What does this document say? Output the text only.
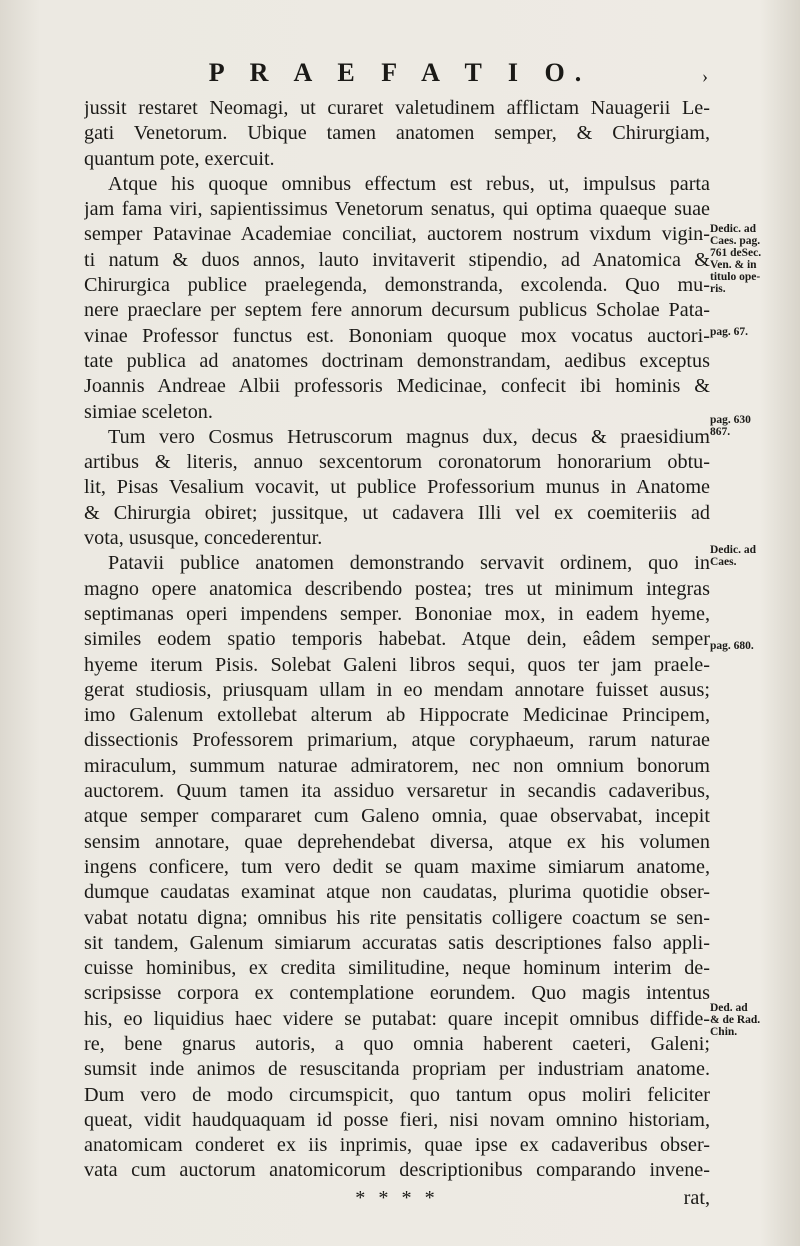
P R A E F A T I O.	›
jussit restaret Neomagi, ut curaret valetudinem afflictam Nauagerii Le-
gati Venetorum. Ubique tamen anatomen semper, & Chirurgiam,
quantum pote, exercuit.
Atque his quoque omnibus effectum est rebus, ut, impulsus parta
jam fama viri, sapientissimus Venetorum senatus, qui optima quaeque suae
semper Patavinae Academiae conciliat, auctorem nostrum vixdum vigin-
ti natum & duos annos, lauto invitaverit stipendio, ad Anatomica &
Chirurgica publice praelegenda, demonstranda, excolenda. Quo mu-
nere praeclare per septem fere annorum decursum publicus Scholae Pata-
vinae Professor functus est. Bononiam quoque mox vocatus auctori-
tate publica ad anatomes doctrinam demonstrandam, aedibus exceptus
Joannis Andreae Albii professoris Medicinae, confecit ibi hominis &
simiae sceleton.
Tum vero Cosmus Hetruscorum magnus dux, decus & praesidium
artibus & literis, annuo sexcentorum coronatorum honorarium obtu-
lit, Pisas Vesalium vocavit, ut publice Professorium munus in Anatome
& Chirurgia obiret; jussitque, ut cadavera Illi vel ex coemiteriis ad
vota, ususque, concederentur.
Patavii publice anatomen demonstrando servavit ordinem, quo in
magno opere anatomica describendo postea; tres ut minimum integras
septimanas operi impendens semper. Bononiae mox, in eadem hyeme,
similes eodem spatio temporis habebat. Atque dein, eâdem semper
hyeme iterum Pisis. Solebat Galeni libros sequi, quos ter jam praele-
gerat studiosis, priusquam ullam in eo mendam annotare fuisset ausus;
imo Galenum extollebat alterum ab Hippocrate Medicinae Principem,
dissectionis Professorem primarium, atque coryphaeum, rarum naturae
miraculum, summum naturae admiratorem, nec non omnium bonorum
auctorem. Quum tamen ita assiduo versaretur in secandis cadaveribus,
atque semper compararet cum Galeno omnia, quae observabat, incepit
sensim annotare, quae deprehendebat diversa, atque ex his volumen
ingens conficere, tum vero dedit se quam maxime simiarum anatome,
dumque caudatas examinat atque non caudatas, plurima quotidie obser-
vabat notatu digna; omnibus his rite pensitatis colligere coactum se sen-
sit tandem, Galenum simiarum accuratas satis descriptiones falso appli-
cuisse hominibus, ex credita similitudine, neque hominum interim de-
scripsisse corpora ex contemplatione eorundem. Quo magis intentus
his, eo liquidius haec videre se putabat: quare incepit omnibus diffide-
re, bene gnarus autoris, a quo omnia haberent caeteri, Galeni;
sumsit inde animos de resuscitanda propriam per industriam anatome.
Dum vero de modo circumspicit, quo tantum opus moliri feliciter
queat, vidit haudquaquam id posse fieri, nisi novam omnino historiam,
anatomicam conderet ex iis inprimis, quae ipse ex cadaveribus obser-
vata cum auctorum anatomicorum descriptionibus comparando invene-
* * * *	rat,
Dedic. ad
Caes. pag.
761 deSec.
Ven. & in
titulo ope-
ris.
pag. 67.
pag. 630
867.
Dedic. ad
Caes.
pag. 680.
Ded. ad
& de Rad.
Chin.
